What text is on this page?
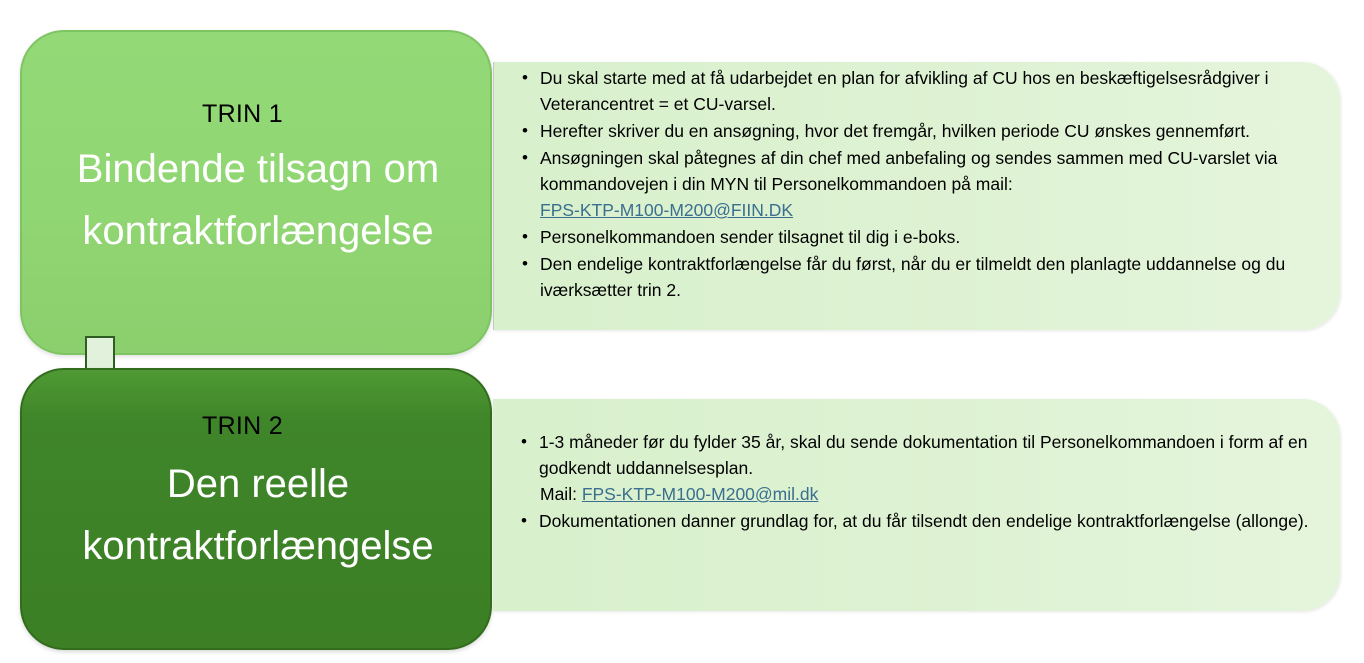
TRIN 1
Bindende tilsagn om
kontraktforlængelse
• Du skal starte med at få udarbejdet en plan for afvikling af CU hos en beskæftigelsesrådgiver i Veterancentret = et CU-varsel.
• Herefter skriver du en ansøgning, hvor det fremgår, hvilken periode CU ønskes gennemført.
• Ansøgningen skal påtegnes af din chef med anbefaling og sendes sammen med CU-varslet via kommandovejen i din MYN til Personelkommandoen på mail:
FPS-KTP-M100-M200@FIIN.DK
• Personelkommandoen sender tilsagnet til dig i e-boks.
• Den endelige kontraktforlængelse får du først, når du er tilmeldt den planlagte uddannelse og du iværksætter trin 2.
TRIN 2
Den reelle
kontraktforlængelse
• 1-3 måneder før du fylder 35 år, skal du sende dokumentation til Personelkommandoen i form af en godkendt uddannelsesplan.
Mail: FPS-KTP-M100-M200@mil.dk
• Dokumentationen danner grundlag for, at du får tilsendt den endelige kontraktforlængelse (allonge).
